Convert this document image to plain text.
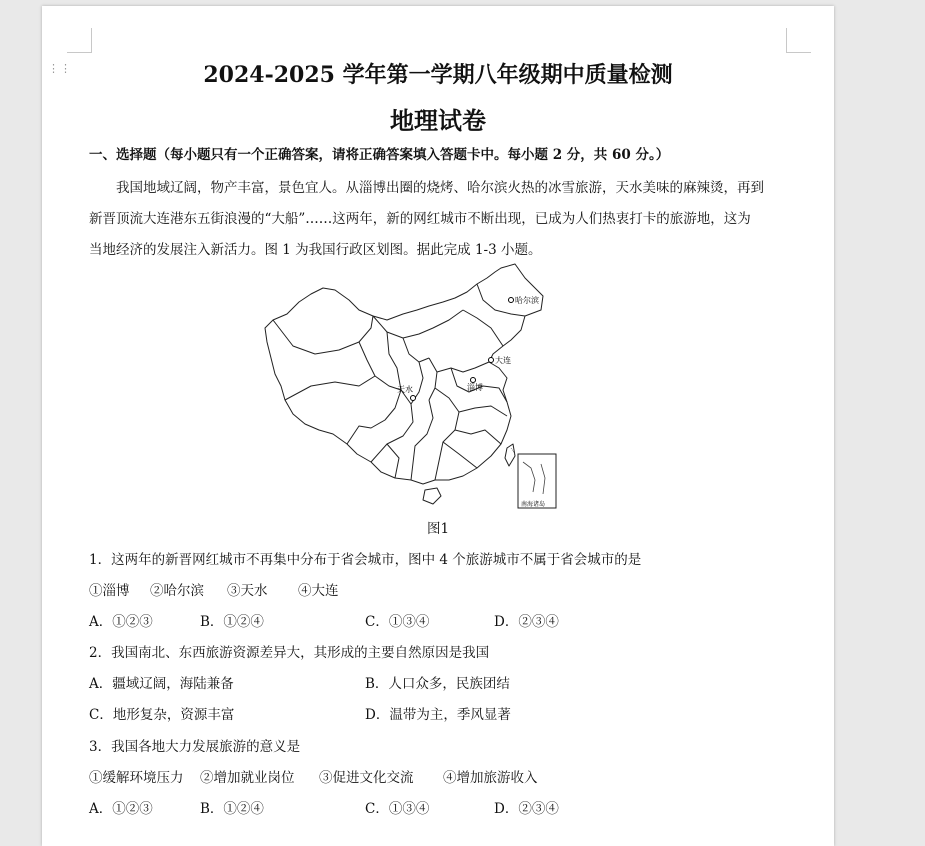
⋮⋮	2024-2025 学年第一学期八年级期中质量检测
地理试卷
一、选择题（每小题只有一个正确答案，请将正确答案填入答题卡中。每小题 2 分，共 60 分。）
我国地域辽阔，物产丰富，景色宜人。从淄博出圈的烧烤、哈尔滨火热的冰雪旅游，天水美味的麻辣烫，再到
新晋顶流大连港东五街浪漫的“大船”……这两年，新的网红城市不断出现，已成为人们热衷打卡的旅游地，这为
当地经济的发展注入新活力。图 1 为我国行政区划图。据此完成 1-3 小题。
哈尔滨
大连
淄博
天水
南海诸岛
图1
1．这两年的新晋网红城市不再集中分布于省会城市，图中 4 个旅游城市不属于省会城市的是
①淄博 ②哈尔滨 ③天水 ④大连
A．①②③	B．①②④	C．①③④	D．②③④
2．我国南北、东西旅游资源差异大，其形成的主要自然原因是我国
A．疆域辽阔，海陆兼备	B．人口众多，民族团结
C．地形复杂，资源丰富	D．温带为主，季风显著
3．我国各地大力发展旅游的意义是
①缓解环境压力 ②增加就业岗位 ③促进文化交流 ④增加旅游收入
A．①②③	B．①②④	C．①③④	D．②③④
